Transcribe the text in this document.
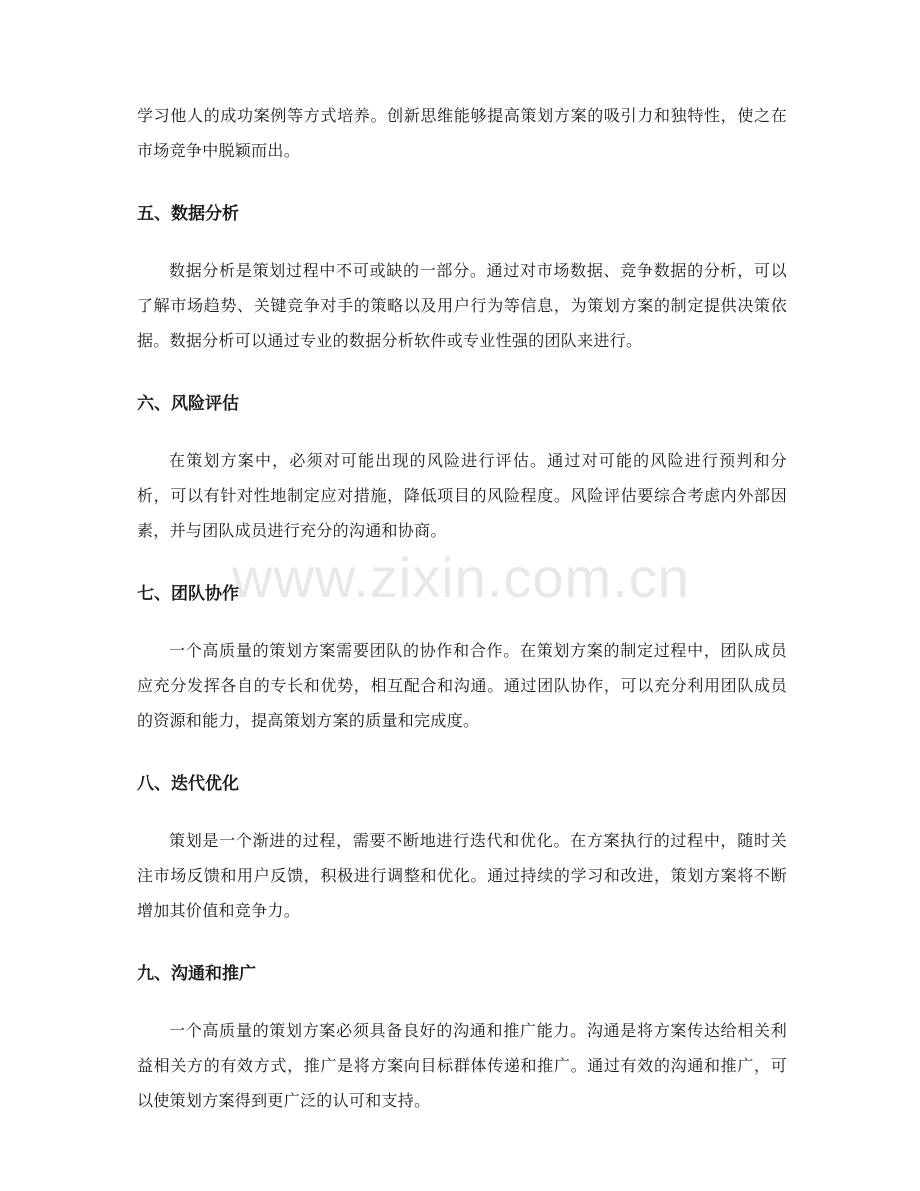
学习他人的成功案例等方式培养。创新思维能够提高策划方案的吸引力和独特性，使之在市场竞争中脱颖而出。

五、数据分析

数据分析是策划过程中不可或缺的一部分。通过对市场数据、竞争数据的分析，可以了解市场趋势、关键竞争对手的策略以及用户行为等信息，为策划方案的制定提供决策依据。数据分析可以通过专业的数据分析软件或专业性强的团队来进行。

六、风险评估

在策划方案中，必须对可能出现的风险进行评估。通过对可能的风险进行预判和分析，可以有针对性地制定应对措施，降低项目的风险程度。风险评估要综合考虑内外部因素，并与团队成员进行充分的沟通和协商。

七、团队协作

一个高质量的策划方案需要团队的协作和合作。在策划方案的制定过程中，团队成员应充分发挥各自的专长和优势，相互配合和沟通。通过团队协作，可以充分利用团队成员的资源和能力，提高策划方案的质量和完成度。

八、迭代优化

策划是一个渐进的过程，需要不断地进行迭代和优化。在方案执行的过程中，随时关注市场反馈和用户反馈，积极进行调整和优化。通过持续的学习和改进，策划方案将不断增加其价值和竞争力。

九、沟通和推广

一个高质量的策划方案必须具备良好的沟通和推广能力。沟通是将方案传达给相关利益相关方的有效方式，推广是将方案向目标群体传递和推广。通过有效的沟通和推广，可以使策划方案得到更广泛的认可和支持。

www.zixin.com.cn
